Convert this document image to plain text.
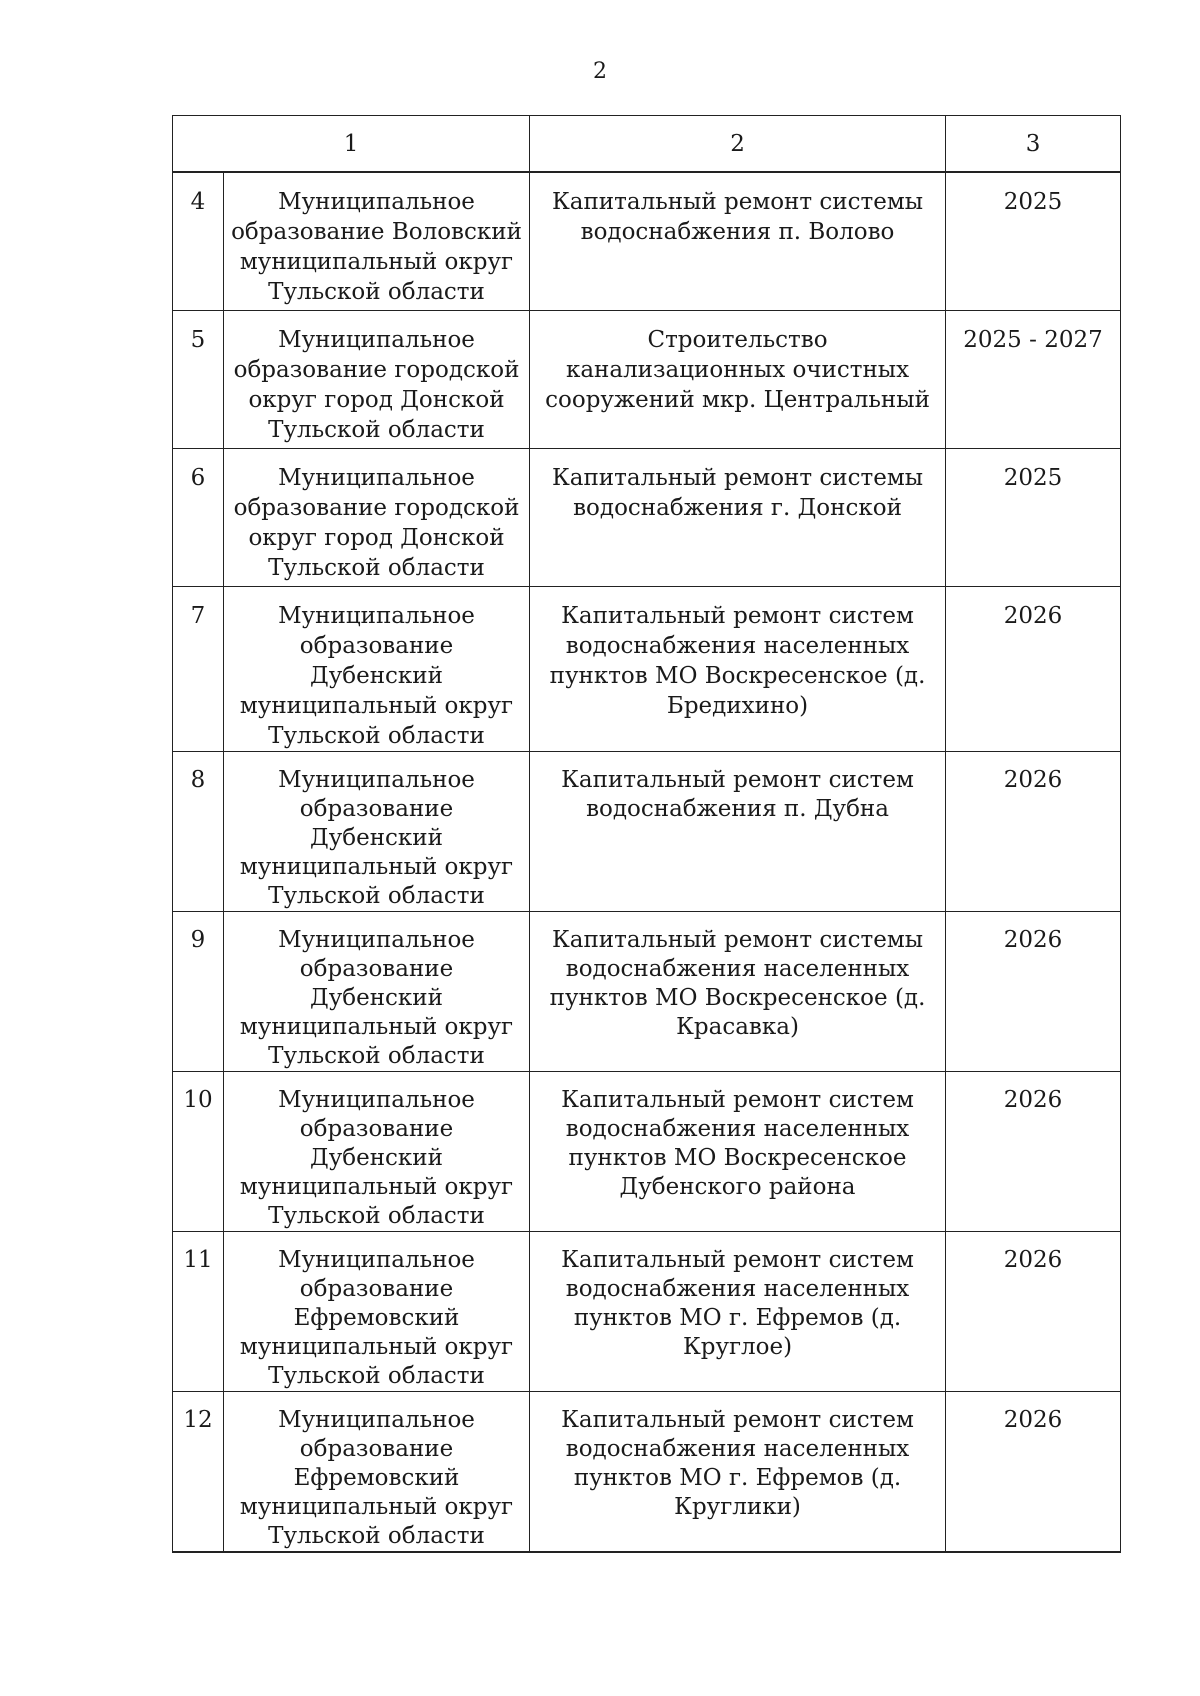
2
1		2	3
4	Муниципальное образование Воловский муниципальный округ Тульской области	Капитальный ремонт системы водоснабжения п. Волово	2025
5	Муниципальное образование городской округ город Донской Тульской области	Строительство канализационных очистных сооружений мкр. Центральный	2025 - 2027
6	Муниципальное образование городской округ город Донской Тульской области	Капитальный ремонт системы водоснабжения г. Донской	2025
7	Муниципальное образование Дубенский муниципальный округ Тульской области	Капитальный ремонт систем водоснабжения населенных пунктов МО Воскресенское (д. Бредихино)	2026
8	Муниципальное образование Дубенский муниципальный округ Тульской области	Капитальный ремонт систем водоснабжения п. Дубна	2026
9	Муниципальное образование Дубенский муниципальный округ Тульской области	Капитальный ремонт системы водоснабжения населенных пунктов МО Воскресенское (д. Красавка)	2026
10	Муниципальное образование Дубенский муниципальный округ Тульской области	Капитальный ремонт систем водоснабжения населенных пунктов МО Воскресенское Дубенского района	2026
11	Муниципальное образование Ефремовский муниципальный округ Тульской области	Капитальный ремонт систем водоснабжения населенных пунктов МО г. Ефремов (д. Круглое)	2026
12	Муниципальное образование Ефремовский муниципальный округ Тульской области	Капитальный ремонт систем водоснабжения населенных пунктов МО г. Ефремов (д. Круглики)	2026
